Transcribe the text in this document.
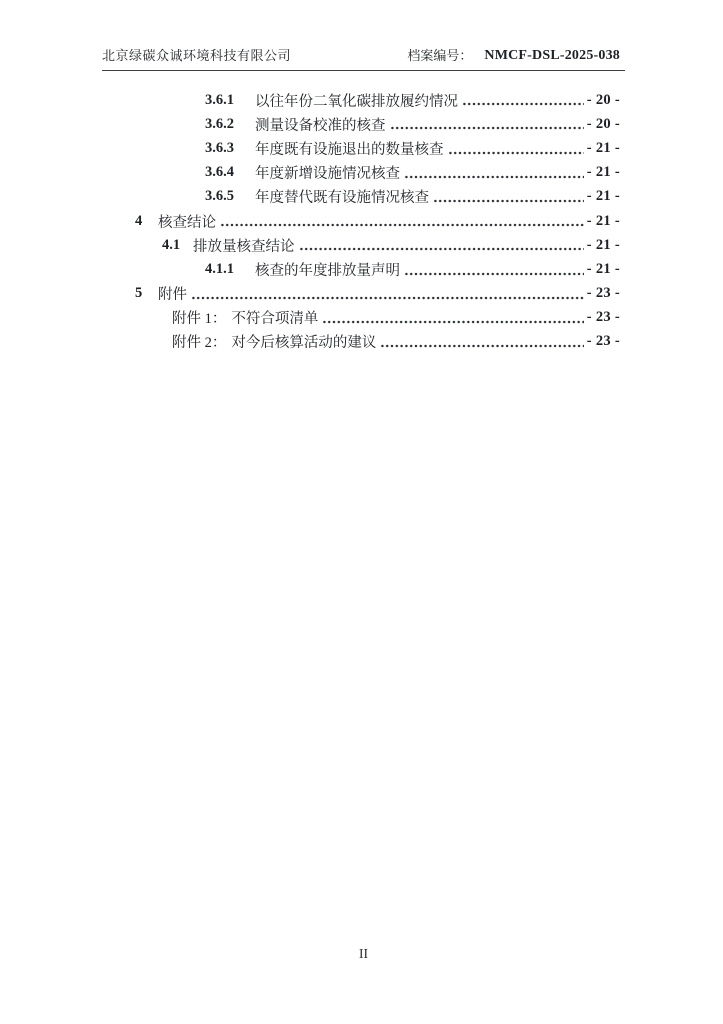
北京绿碳众诚环境科技有限公司	档案编号： NMCF-DSL-2025-038
3.6.1	以往年份二氧化碳排放履约情况	- 20 -
3.6.2	测量设备校准的核查	- 20 -
3.6.3	年度既有设施退出的数量核查	- 21 -
3.6.4	年度新增设施情况核查	- 21 -
3.6.5	年度替代既有设施情况核查	- 21 -
4	核查结论	- 21 -
4.1 排放量核查结论	- 21 -
4.1.1	核查的年度排放量声明	- 21 -
5	附件	- 23 -
附件 1： 不符合项清单	- 23 -
附件 2： 对今后核算活动的建议	- 23 -
II
